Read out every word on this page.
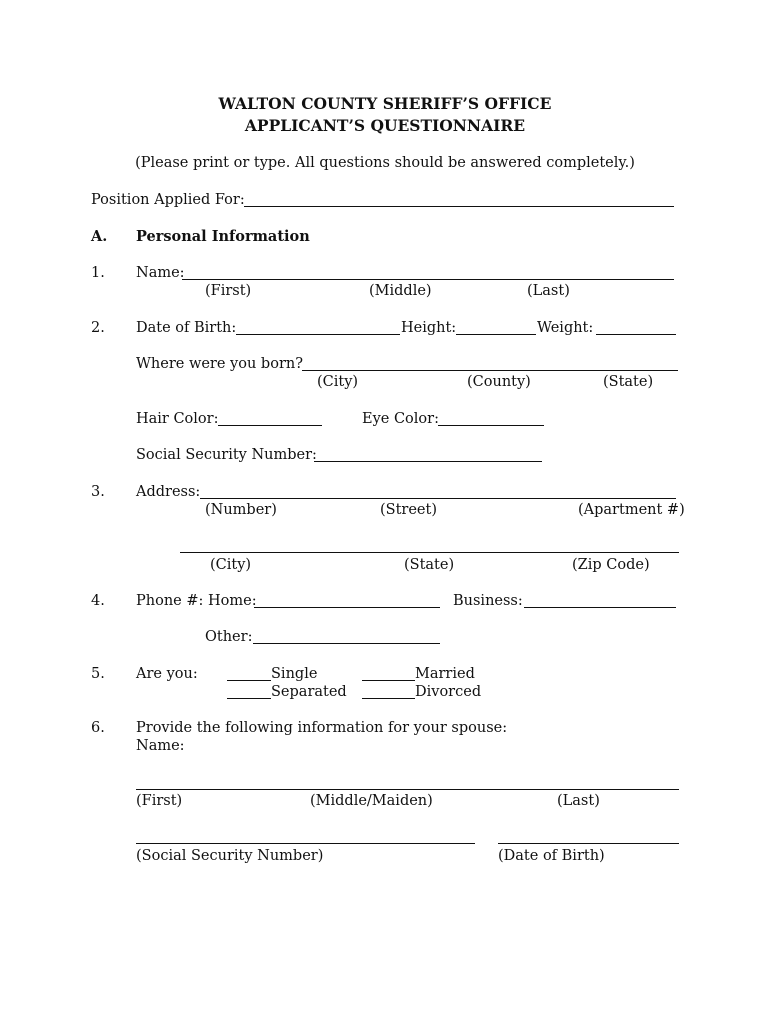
WALTON COUNTY SHERIFF’S OFFICE
APPLICANT’S QUESTIONNAIRE
(Please print or type. All questions should be answered completely.)
Position Applied For:
A. Personal Information
1. Name:
(First)	(Middle)	(Last)
2. Date of Birth:	Height:	Weight:
Where were you born?
(City)	(County)	(State)
Hair Color:	Eye Color:
Social Security Number:
3. Address:
(Number)	(Street)	(Apartment #)
(City)	(State)	(Zip Code)
4. Phone #: Home:	Business:
Other:
5. Are you:	Single	Married
Separated	Divorced
6. Provide the following information for your spouse:
Name:
(First)	(Middle/Maiden)	(Last)
(Social Security Number)	(Date of Birth)
